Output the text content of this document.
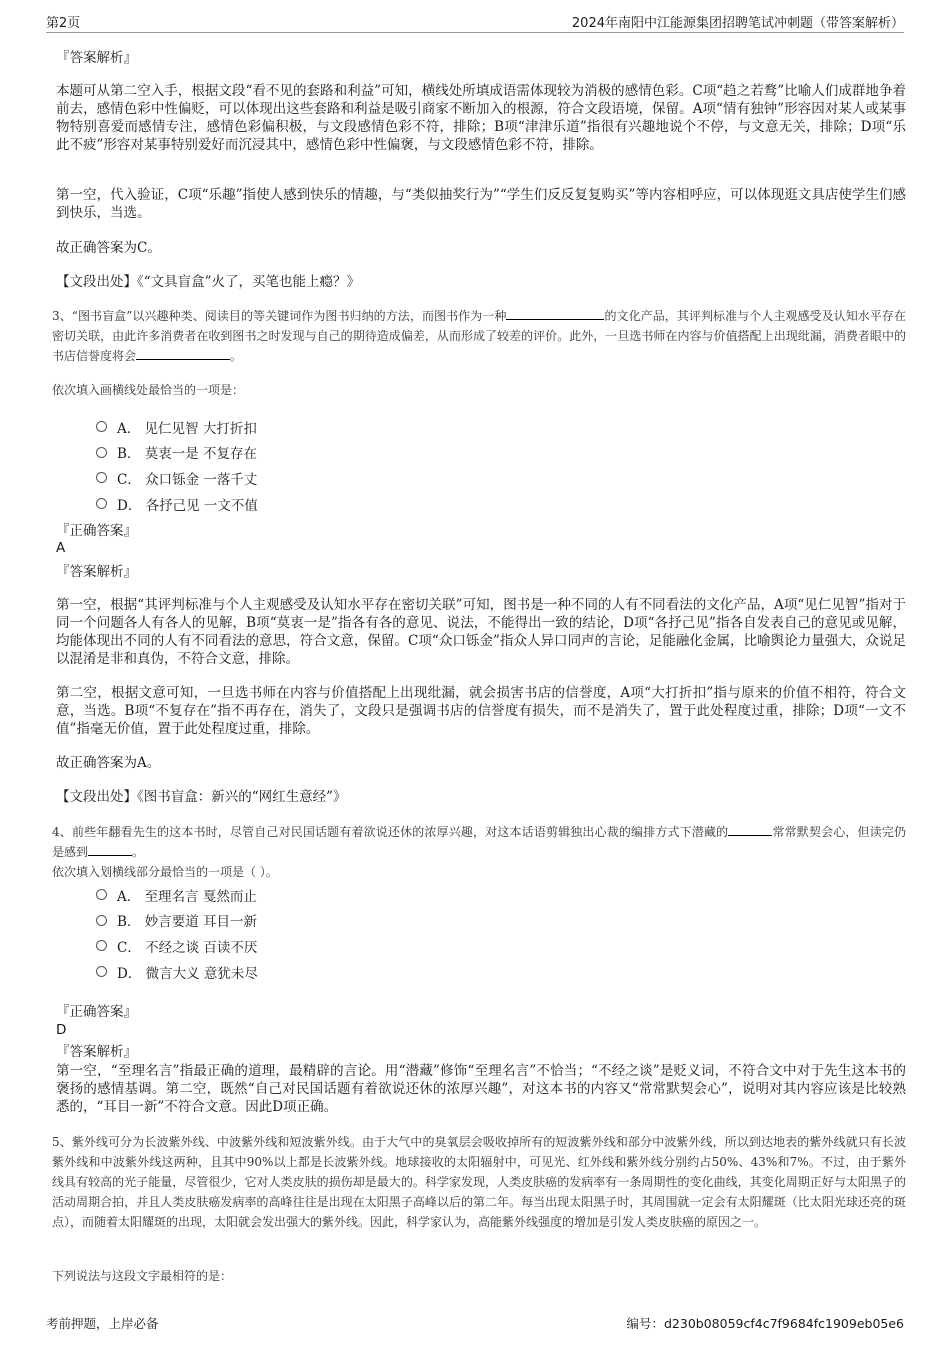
第2页	2024年南阳中江能源集团招聘笔试冲刺题（带答案解析）
『答案解析』

本题可从第二空入手，根据文段“看不见的套路和利益”可知，横线处所填成语需体现较为消极的感情色彩。C项“趋之若鹜”比喻人们成群地争着前去，感情色彩中性偏贬，可以体现出这些套路和利益是吸引商家不断加入的根源，符合文段语境，保留。A项“情有独钟”形容因对某人或某事物特别喜爱而感情专注，感情色彩偏积极，与文段感情色彩不符，排除；B项“津津乐道”指很有兴趣地说个不停，与文意无关，排除；D项“乐此不疲”形容对某事特别爱好而沉浸其中，感情色彩中性偏褒，与文段感情色彩不符，排除。

第一空，代入验证，C项“乐趣”指使人感到快乐的情趣，与“类似抽奖行为”“学生们反反复复购买”等内容相呼应，可以体现逛文具店使学生们感到快乐，当选。

故正确答案为C。

【文段出处】《“文具盲盒”火了，买笔也能上瘾？》

3、“图书盲盒”以兴趣种类、阅读目的等关键词作为图书归纳的方法，而图书作为一种	的文化产品，其评判标准与个人主观感受及认知水平存在密切关联，由此许多消费者在收到图书之时发现与自己的期待造成偏差，从而形成了较差的评价。此外，一旦选书师在内容与价值搭配上出现纰漏，消费者眼中的书店信誉度将会	。

依次填入画横线处最恰当的一项是：

A． 见仁见智 大打折扣
B． 莫衷一是 不复存在
C． 众口铄金 一落千丈
D． 各抒己见 一文不值
『正确答案』
A
『答案解析』

第一空，根据“其评判标准与个人主观感受及认知水平存在密切关联”可知，图书是一种不同的人有不同看法的文化产品，A项“见仁见智”指对于同一个问题各人有各人的见解，B项“莫衷一是”指各有各的意见、说法，不能得出一致的结论，D项“各抒己见”指各自发表自己的意见或见解，均能体现出不同的人有不同看法的意思，符合文意，保留。C项“众口铄金”指众人异口同声的言论，足能融化金属，比喻舆论力量强大，众说足以混淆是非和真伪，不符合文意，排除。

第二空，根据文意可知，一旦选书师在内容与价值搭配上出现纰漏，就会损害书店的信誉度，A项“大打折扣”指与原来的价值不相符，符合文意，当选。B项“不复存在”指不再存在，消失了，文段只是强调书店的信誉度有损失，而不是消失了，置于此处程度过重，排除；D项“一文不值”指毫无价值，置于此处程度过重，排除。

故正确答案为A。

【文段出处】《图书盲盒：新兴的“网红生意经”》

4、前些年翻看先生的这本书时，尽管自己对民国话题有着欲说还休的浓厚兴趣，对这本话语剪辑独出心裁的编排方式下潜藏的	常常默契会心，但读完仍是感到	。

依次填入划横线部分最恰当的一项是（ ）。

A． 至理名言 戛然而止
B． 妙言要道 耳目一新
C． 不经之谈 百读不厌
D． 微言大义 意犹未尽
『正确答案』
D
『答案解析』

第一空，“至理名言”指最正确的道理，最精辟的言论。用“潜藏”修饰“至理名言”不恰当；“不经之谈”是贬义词，不符合文中对于先生这本书的褒扬的感情基调。第二空，既然“自己对民国话题有着欲说还休的浓厚兴趣”，对这本书的内容又“常常默契会心”，说明对其内容应该是比较熟悉的，“耳目一新”不符合文意。因此D项正确。

5、紫外线可分为长波紫外线、中波紫外线和短波紫外线。由于大气中的臭氧层会吸收掉所有的短波紫外线和部分中波紫外线，所以到达地表的紫外线就只有长波紫外线和中波紫外线这两种，且其中90%以上都是长波紫外线。地球接收的太阳辐射中，可见光、红外线和紫外线分别约占50%、43%和7%。不过，由于紫外线具有较高的光子能量，尽管很少，它对人类皮肤的损伤却是最大的。科学家发现，人类皮肤癌的发病率有一条周期性的变化曲线，其变化周期正好与太阳黑子的活动周期合拍，并且人类皮肤癌发病率的高峰往往是出现在太阳黑子高峰以后的第二年。每当出现太阳黑子时，其周围就一定会有太阳耀斑（比太阳光球还亮的斑点），而随着太阳耀斑的出现，太阳就会发出强大的紫外线。因此，科学家认为，高能紫外线强度的增加是引发人类皮肤癌的原因之一。

下列说法与这段文字最相符的是：

考前押题，上岸必备	编号：d230b08059cf4c7f9684fc1909eb05e6
